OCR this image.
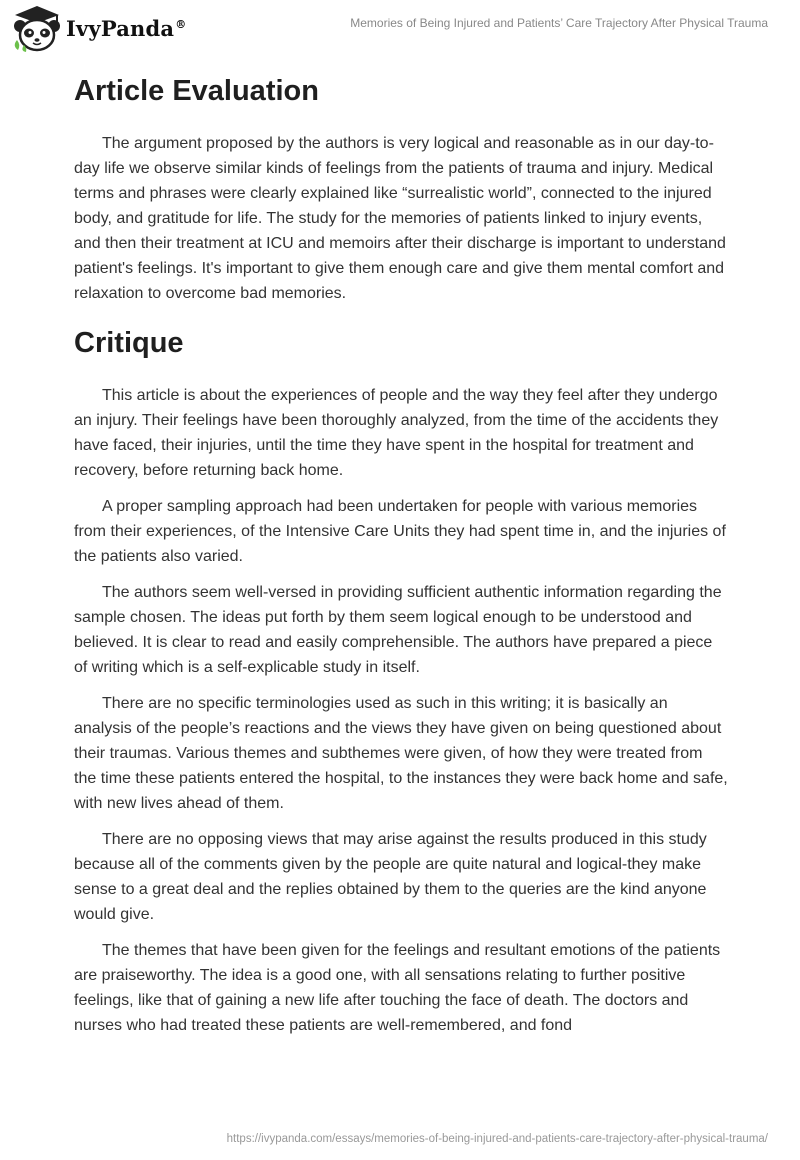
IvyPanda®	Memories of Being Injured and Patients’ Care Trajectory After Physical Trauma
Article Evaluation

The argument proposed by the authors is very logical and reasonable as in our day-to-day life we observe similar kinds of feelings from the patients of trauma and injury. Medical terms and phrases were clearly explained like “surrealistic world”, connected to the injured body, and gratitude for life. The study for the memories of patients linked to injury events, and then their treatment at ICU and memoirs after their discharge is important to understand patient's feelings. It's important to give them enough care and give them mental comfort and relaxation to overcome bad memories.

Critique

This article is about the experiences of people and the way they feel after they undergo an injury. Their feelings have been thoroughly analyzed, from the time of the accidents they have faced, their injuries, until the time they have spent in the hospital for treatment and recovery, before returning back home.

A proper sampling approach had been undertaken for people with various memories from their experiences, of the Intensive Care Units they had spent time in, and the injuries of the patients also varied.

The authors seem well-versed in providing sufficient authentic information regarding the sample chosen. The ideas put forth by them seem logical enough to be understood and believed. It is clear to read and easily comprehensible. The authors have prepared a piece of writing which is a self-explicable study in itself.

There are no specific terminologies used as such in this writing; it is basically an analysis of the people’s reactions and the views they have given on being questioned about their traumas. Various themes and subthemes were given, of how they were treated from the time these patients entered the hospital, to the instances they were back home and safe, with new lives ahead of them.

There are no opposing views that may arise against the results produced in this study because all of the comments given by the people are quite natural and logical-they make sense to a great deal and the replies obtained by them to the queries are the kind anyone would give.

The themes that have been given for the feelings and resultant emotions of the patients are praiseworthy. The idea is a good one, with all sensations relating to further positive feelings, like that of gaining a new life after touching the face of death. The doctors and nurses who had treated these patients are well-remembered, and fond

https://ivypanda.com/essays/memories-of-being-injured-and-patients-care-trajectory-after-physical-trauma/
